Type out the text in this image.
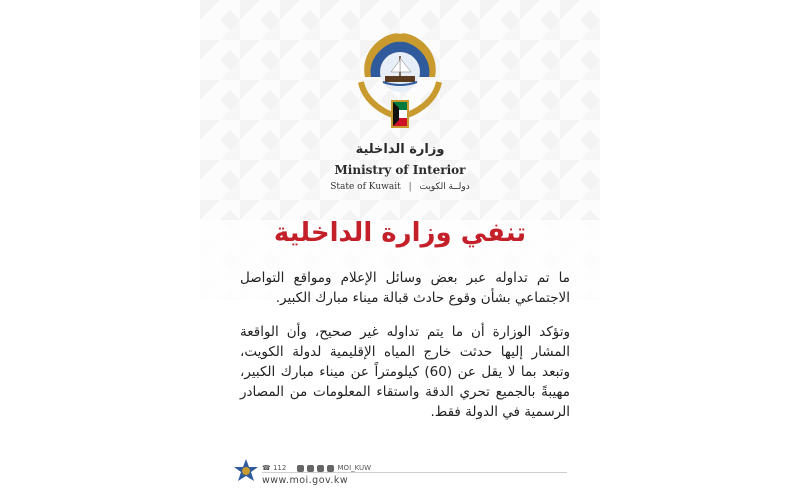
وزارة الداخلية
Ministry of Interior
State of Kuwait | دولــة الكويت
تنفي وزارة الداخلية
ما تم تداوله عبر بعض وسائل الإعلام ومواقع التواصل الاجتماعي بشأن وقوع حادث قبالة ميناء مبارك الكبير.
وتؤكد الوزارة أن ما يتم تداوله غير صحيح، وأن الواقعة المشار إليها حدثت خارج المياه الإقليمية لدولة الكويت، وتبعد بما لا يقل عن (60) كيلومتراً عن ميناء مبارك الكبير، مهيبةً بالجميع تحري الدقة واستقاء المعلومات من المصادر الرسمية في الدولة فقط.
☎ 112	MOI_KUW
www.moi.gov.kw
